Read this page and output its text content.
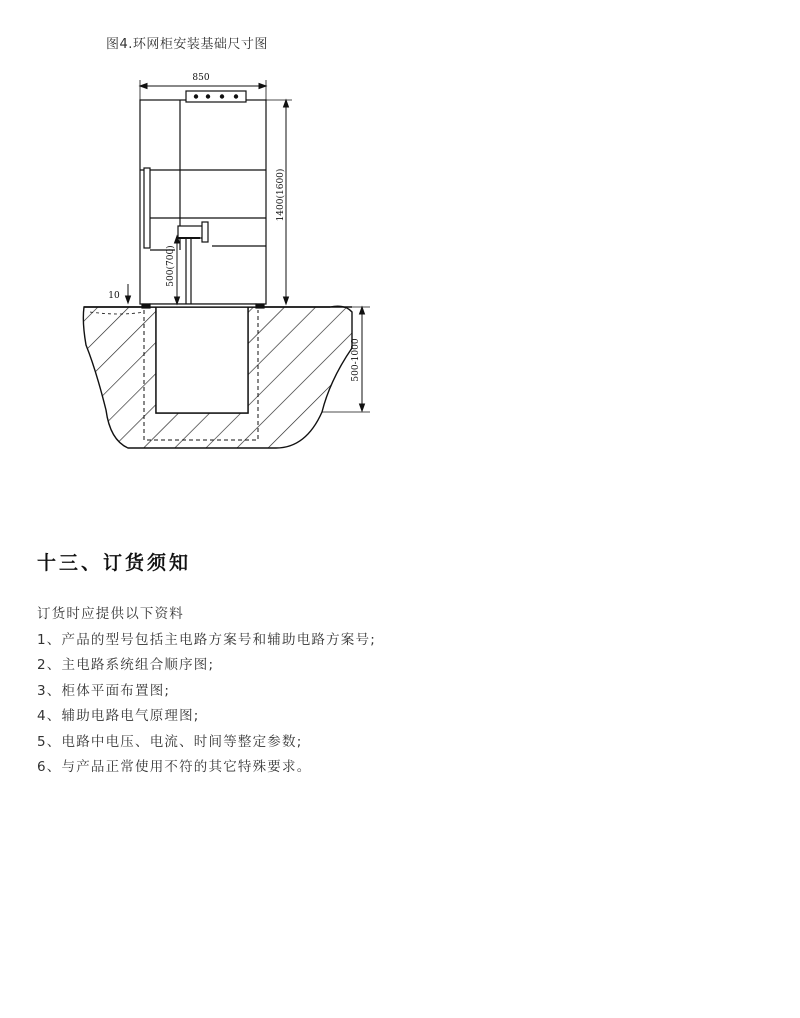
图4.环网柜安装基础尺寸图
850
1400(1600)
500(700)
10
500-1000
十三、订货须知
订货时应提供以下资料
1、产品的型号包括主电路方案号和辅助电路方案号;
2、主电路系统组合顺序图;
3、柜体平面布置图;
4、辅助电路电气原理图;
5、电路中电压、电流、时间等整定参数;
6、与产品正常使用不符的其它特殊要求。
